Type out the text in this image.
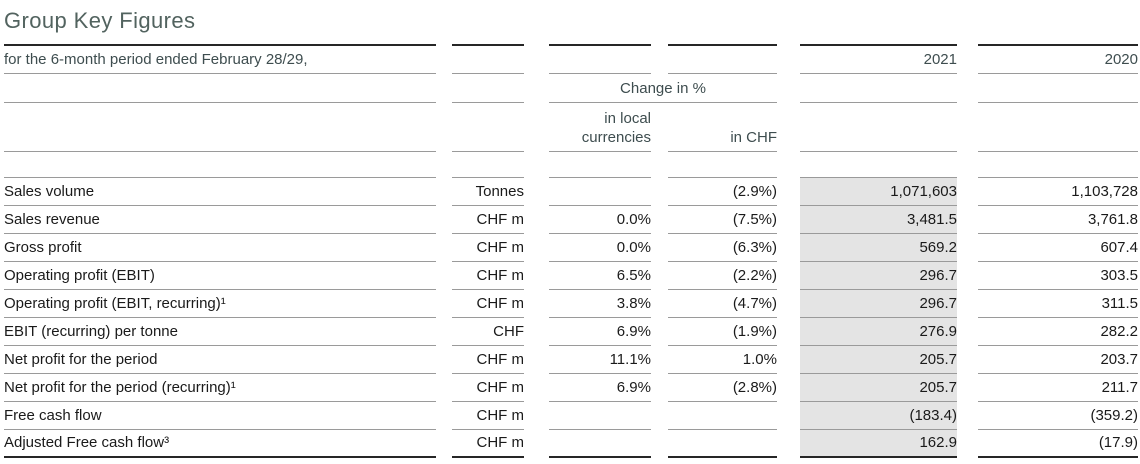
Group Key Figures
for the 6-month period ended February 28/29,								2021		2020
				Change in %						
				in local currencies		in CHF				

Sales volume		Tonnes				(2.9%)		1,071,603		1,103,728
Sales revenue		CHF m		0.0%		(7.5%)		3,481.5		3,761.8
Gross profit		CHF m		0.0%		(6.3%)		569.2		607.4
Operating profit (EBIT)		CHF m		6.5%		(2.2%)		296.7		303.5
Operating profit (EBIT, recurring)¹		CHF m		3.8%		(4.7%)		296.7		311.5
EBIT (recurring) per tonne		CHF		6.9%		(1.9%)		276.9		282.2
Net profit for the period		CHF m		11.1%		1.0%		205.7		203.7
Net profit for the period (recurring)¹		CHF m		6.9%		(2.8%)		205.7		211.7
Free cash flow		CHF m						(183.4)		(359.2)
Adjusted Free cash flow³		CHF m						162.9		(17.9)
